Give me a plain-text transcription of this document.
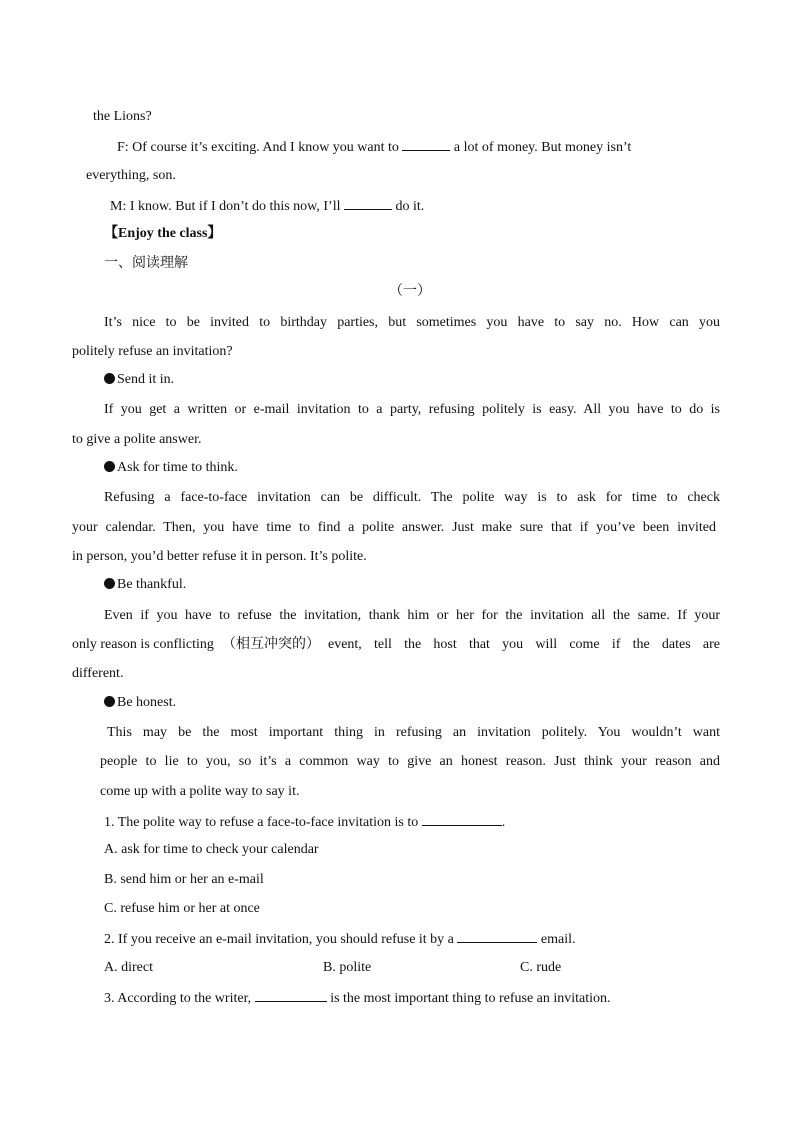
the Lions?
F: Of course it’s exciting. And I know you want to	a lot of money. But money isn’t
everything, son.
M: I know. But if I don’t do this now, I’ll	do it.
【Enjoy the class】
一、阅读理解
（一）
It’s nice to be invited to birthday parties, but sometimes you have to say no. How can you
politely refuse an invitation?
Send it in.
If you get a written or e-mail invitation to a party, refusing politely is easy. All you have to do is
to give a polite answer.
Ask for time to think.
Refusing a face-to-face invitation can be difficult. The polite way is to ask for time to check
your calendar. Then, you have time to find a polite answer. Just make sure that if you’ve been invited
in person, you’d better refuse it in person. It’s polite.
Be thankful.
Even if you have to refuse the invitation, thank him or her for the invitation all the same. If your
only reason is conflicting （相互冲突的） event, tell the host that you will come if the dates are
different.
Be honest.
This may be the most important thing in refusing an invitation politely. You wouldn’t want
people to lie to you, so it’s a common way to give an honest reason. Just think your reason and
come up with a polite way to say it.
1. The polite way to refuse a face-to-face invitation is to	.
A. ask for time to check your calendar
B. send him or her an e-mail
C. refuse him or her at once
2. If you receive an e-mail invitation, you should refuse it by a	email.
A. direct	B. polite	C. rude
3. According to the writer,	is the most important thing to refuse an invitation.
